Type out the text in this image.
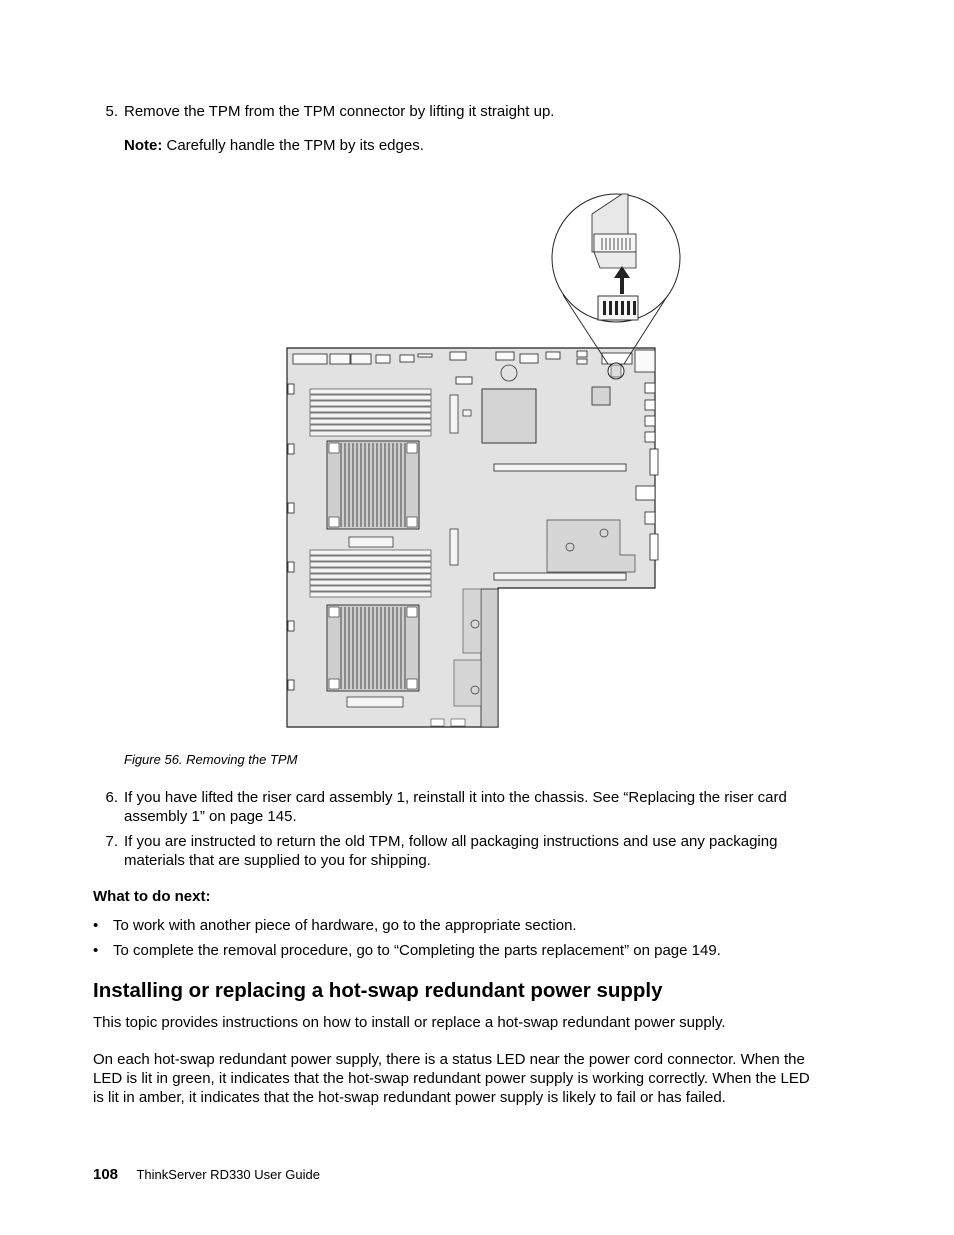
5. Remove the TPM from the TPM connector by lifting it straight up.
Note: Carefully handle the TPM by its edges.
Figure 56. Removing the TPM
6. If you have lifted the riser card assembly 1, reinstall it into the chassis. See “Replacing the riser card
assembly 1” on page 145.
7. If you are instructed to return the old TPM, follow all packaging instructions and use any packaging
materials that are supplied to you for shipping.
What to do next:
• To work with another piece of hardware, go to the appropriate section.
• To complete the removal procedure, go to “Completing the parts replacement” on page 149.
Installing or replacing a hot-swap redundant power supply
This topic provides instructions on how to install or replace a hot-swap redundant power supply.
On each hot-swap redundant power supply, there is a status LED near the power cord connector. When the
LED is lit in green, it indicates that the hot-swap redundant power supply is working correctly. When the LED
is lit in amber, it indicates that the hot-swap redundant power supply is likely to fail or has failed.
108 ThinkServer RD330 User Guide
